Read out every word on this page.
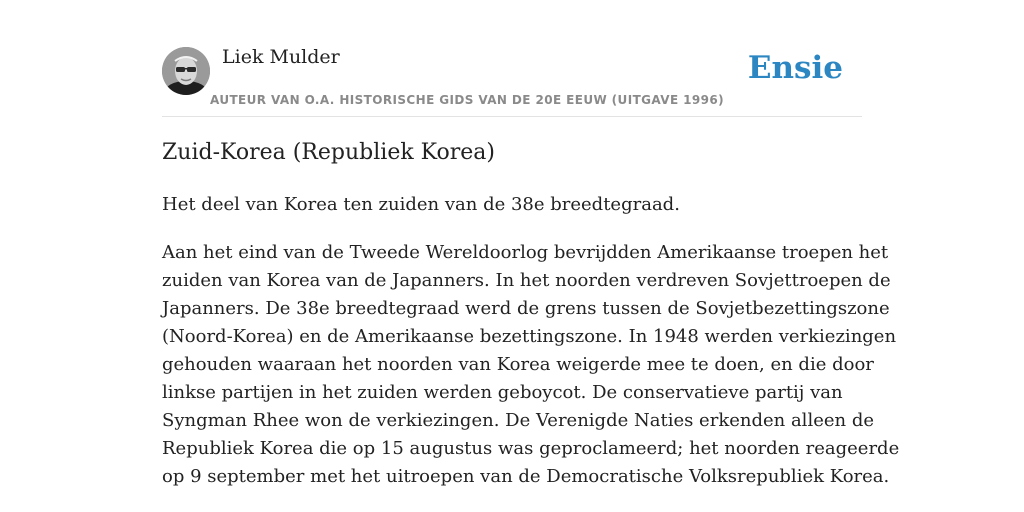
Liek Mulder
AUTEUR VAN O.A. HISTORISCHE GIDS VAN DE 20E EEUW (UITGAVE 1996)
Ensie
Zuid-Korea (Republiek Korea)

Het deel van Korea ten zuiden van de 38e breedtegraad.

Aan het eind van de Tweede Wereldoorlog bevrijdden Amerikaanse troepen het
zuiden van Korea van de Japanners. In het noorden verdreven Sovjettroepen de
Japanners. De 38e breedtegraad werd de grens tussen de Sovjetbezettingszone
(Noord-Korea) en de Amerikaanse bezettingszone. In 1948 werden verkiezingen
gehouden waaraan het noorden van Korea weigerde mee te doen, en die door
linkse partijen in het zuiden werden geboycot. De conservatieve partij van
Syngman Rhee won de verkiezingen. De Verenigde Naties erkenden alleen de
Republiek Korea die op 15 augustus was geproclameerd; het noorden reageerde
op 9 september met het uitroepen van de Democratische Volksrepubliek Korea.
